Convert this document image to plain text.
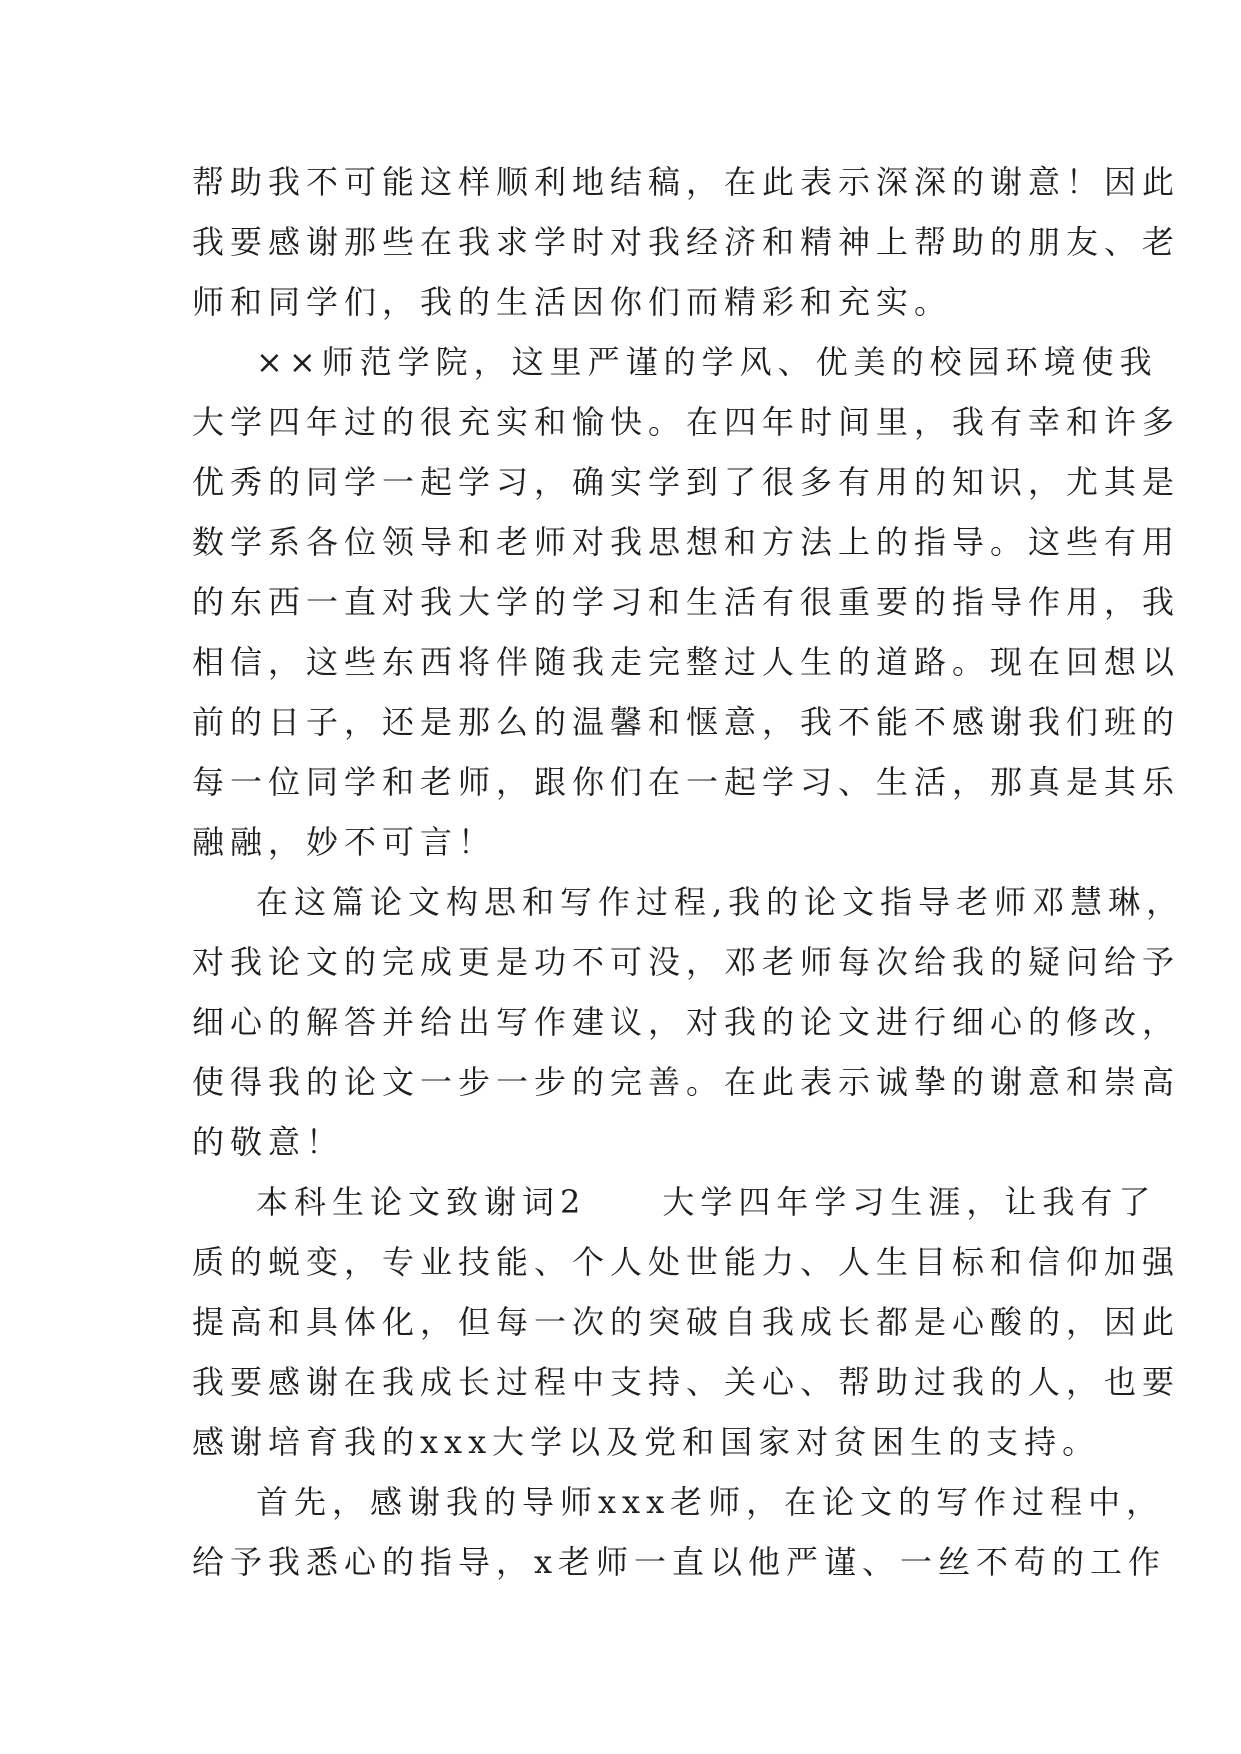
帮助我不可能这样顺利地结稿，在此表示深深的谢意！因此
我要感谢那些在我求学时对我经济和精神上帮助的朋友、老
师和同学们，我的生活因你们而精彩和充实。
××师范学院，这里严谨的学风、优美的校园环境使我
大学四年过的很充实和愉快。在四年时间里，我有幸和许多
优秀的同学一起学习，确实学到了很多有用的知识，尤其是
数学系各位领导和老师对我思想和方法上的指导。这些有用
的东西一直对我大学的学习和生活有很重要的指导作用，我
相信，这些东西将伴随我走完整过人生的道路。现在回想以
前的日子，还是那么的温馨和惬意，我不能不感谢我们班的
每一位同学和老师，跟你们在一起学习、生活，那真是其乐
融融，妙不可言！
在这篇论文构思和写作过程,我的论文指导老师邓慧琳，
对我论文的完成更是功不可没，邓老师每次给我的疑问给予
细心的解答并给出写作建议，对我的论文进行细心的修改，
使得我的论文一步一步的完善。在此表示诚挚的谢意和崇高
的敬意！
本科生论文致谢词2　　大学四年学习生涯，让我有了
质的蜕变，专业技能、个人处世能力、人生目标和信仰加强
提高和具体化，但每一次的突破自我成长都是心酸的，因此
我要感谢在我成长过程中支持、关心、帮助过我的人，也要
感谢培育我的xxx大学以及党和国家对贫困生的支持。
首先，感谢我的导师xxx老师，在论文的写作过程中，
给予我悉心的指导，x老师一直以他严谨、一丝不苟的工作
